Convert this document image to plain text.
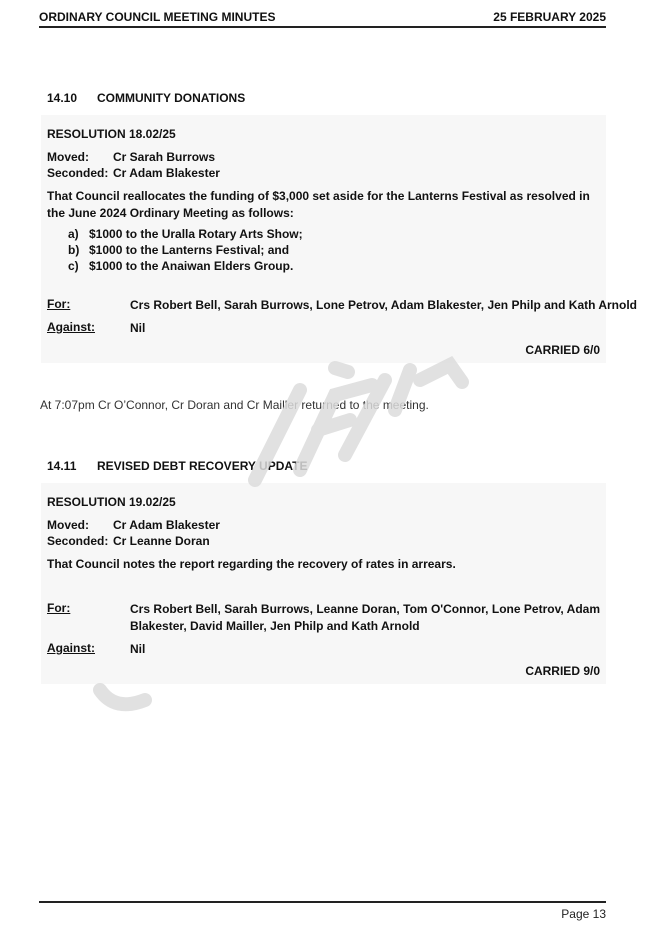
ORDINARY COUNCIL MEETING MINUTES	25 FEBRUARY 2025
14.10 COMMUNITY DONATIONS
RESOLUTION 18.02/25
Moved: Cr Sarah Burrows
Seconded: Cr Adam Blakester
That Council reallocates the funding of $3,000 set aside for the Lanterns Festival as resolved in the June 2024 Ordinary Meeting as follows:
a) $1000 to the Uralla Rotary Arts Show;
b) $1000 to the Lanterns Festival; and
c) $1000 to the Anaiwan Elders Group.
For:	Crs Robert Bell, Sarah Burrows, Lone Petrov, Adam Blakester, Jen Philp and Kath Arnold
Against:	Nil
CARRIED 6/0
At 7:07pm Cr O’Connor, Cr Doran and Cr Mailler returned to the meeting.
14.11 REVISED DEBT RECOVERY UPDATE
RESOLUTION 19.02/25
Moved: Cr Adam Blakester
Seconded: Cr Leanne Doran
That Council notes the report regarding the recovery of rates in arrears.
For:	Crs Robert Bell, Sarah Burrows, Leanne Doran, Tom O'Connor, Lone Petrov, Adam Blakester, David Mailler, Jen Philp and Kath Arnold
Against:	Nil
CARRIED 9/0
Page 13
